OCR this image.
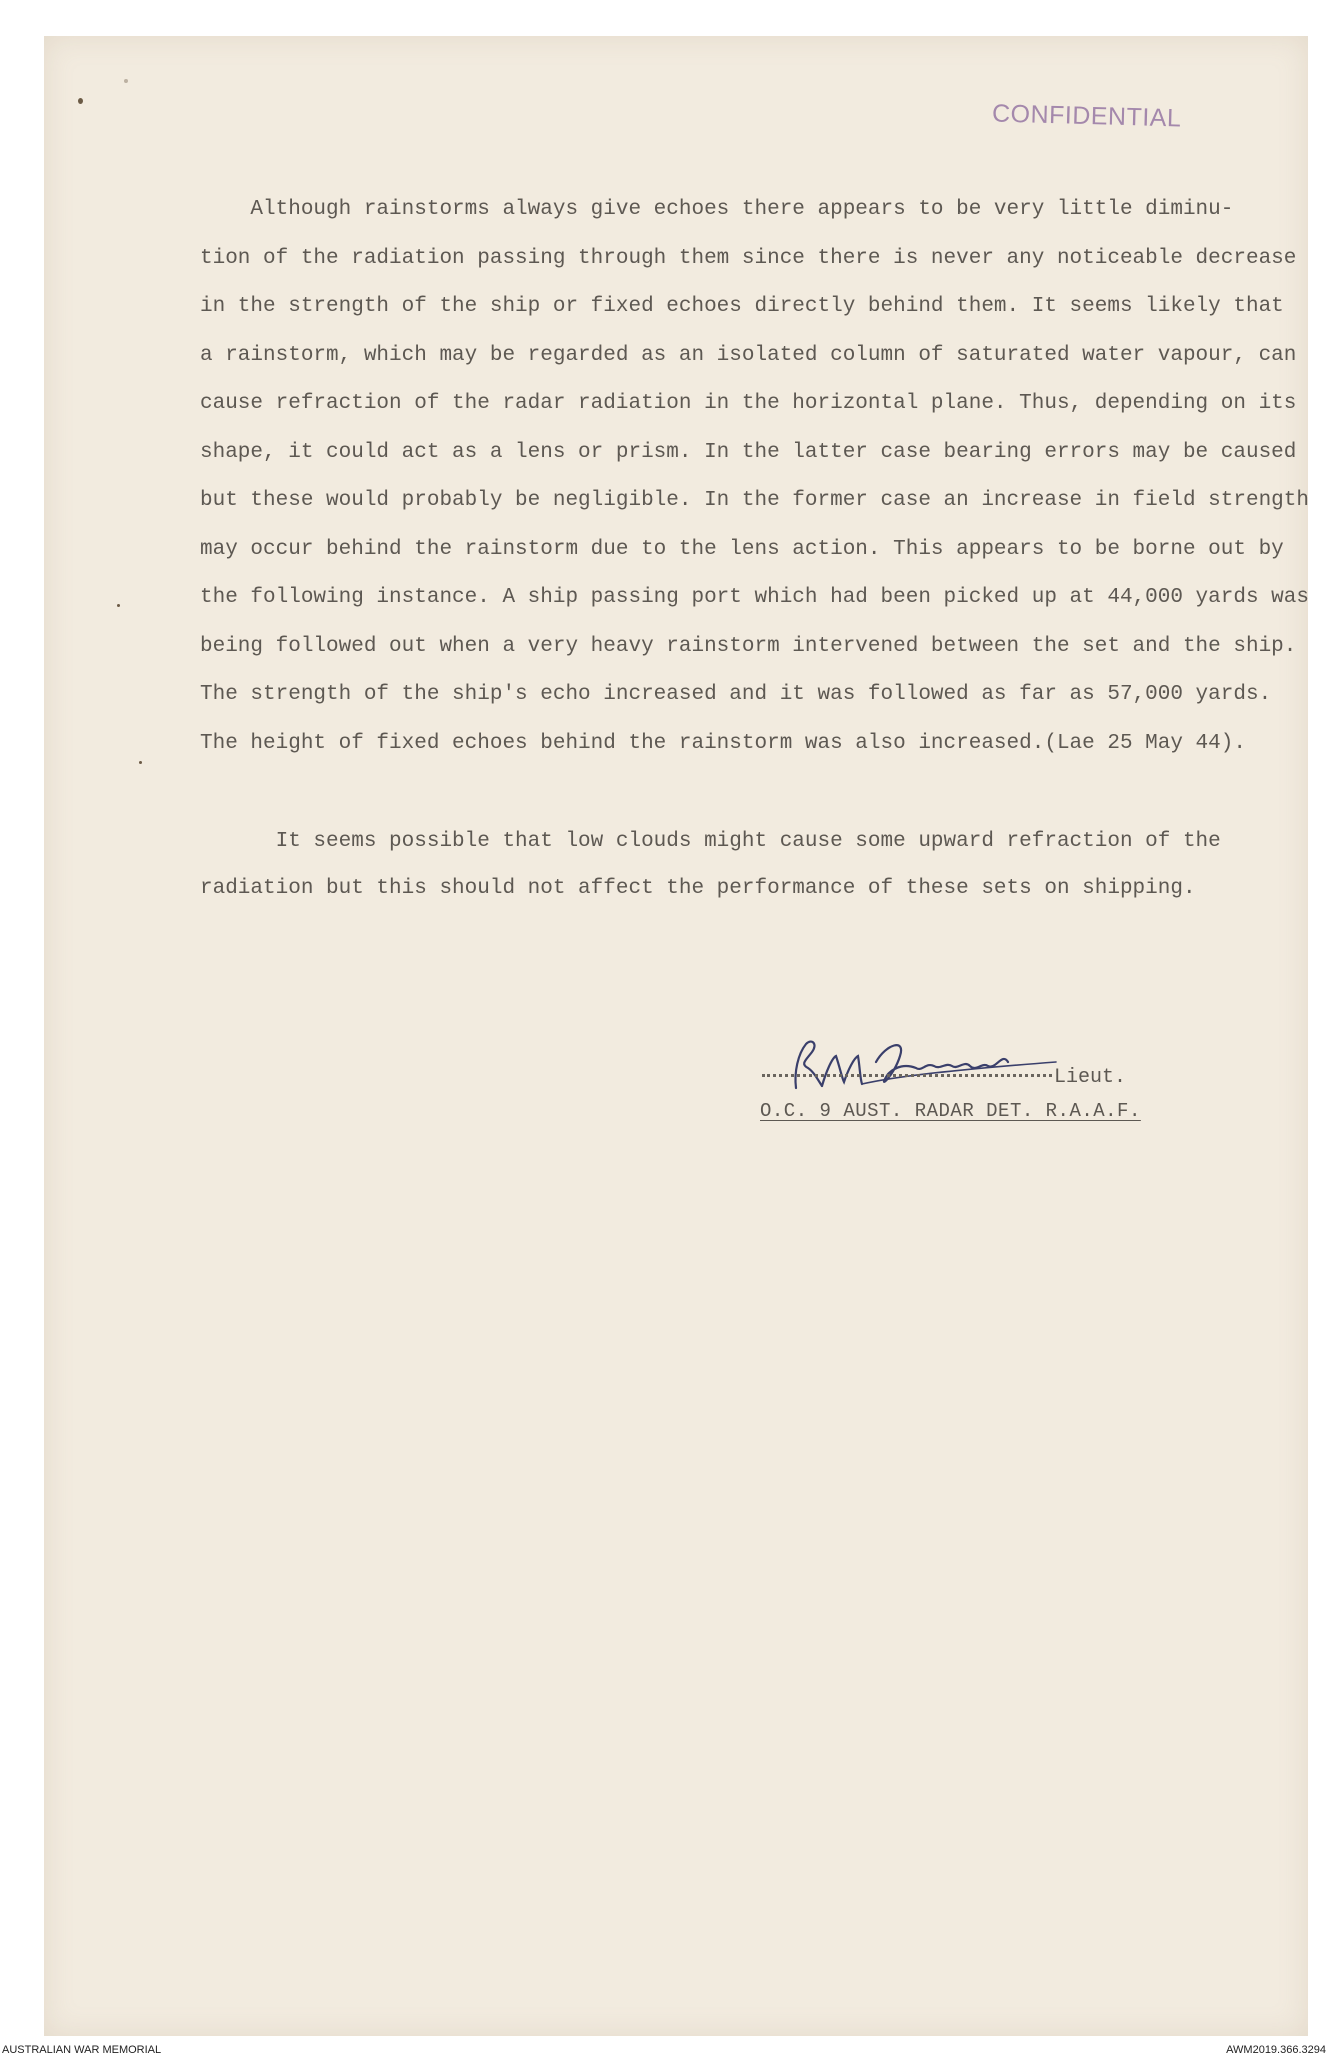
CONFIDENTIAL
Although rainstorms always give echoes there appears to be very little diminu-
tion of the radiation passing through them since there is never any noticeable decrease
in the strength of the ship or fixed echoes directly behind them. It seems likely that
a rainstorm, which may be regarded as an isolated column of saturated water vapour, can
cause refraction of the radar radiation in the horizontal plane. Thus, depending on its
shape, it could act as a lens or prism. In the latter case bearing errors may be caused
but these would probably be negligible. In the former case an increase in field strength
may occur behind the rainstorm due to the lens action. This appears to be borne out by
the following instance. A ship passing port which had been picked up at 44,000 yards was
being followed out when a very heavy rainstorm intervened between the set and the ship.
The strength of the ship's echo increased and it was followed as far as 57,000 yards.
The height of fixed echoes behind the rainstorm was also increased.(Lae 25 May 44).
It seems possible that low clouds might cause some upward refraction of the
radiation but this should not affect the performance of these sets on shipping.
Lieut.
O.C. 9 AUST. RADAR DET. R.A.A.F.
AUSTRALIAN WAR MEMORIAL	AWM2019.366.3294
